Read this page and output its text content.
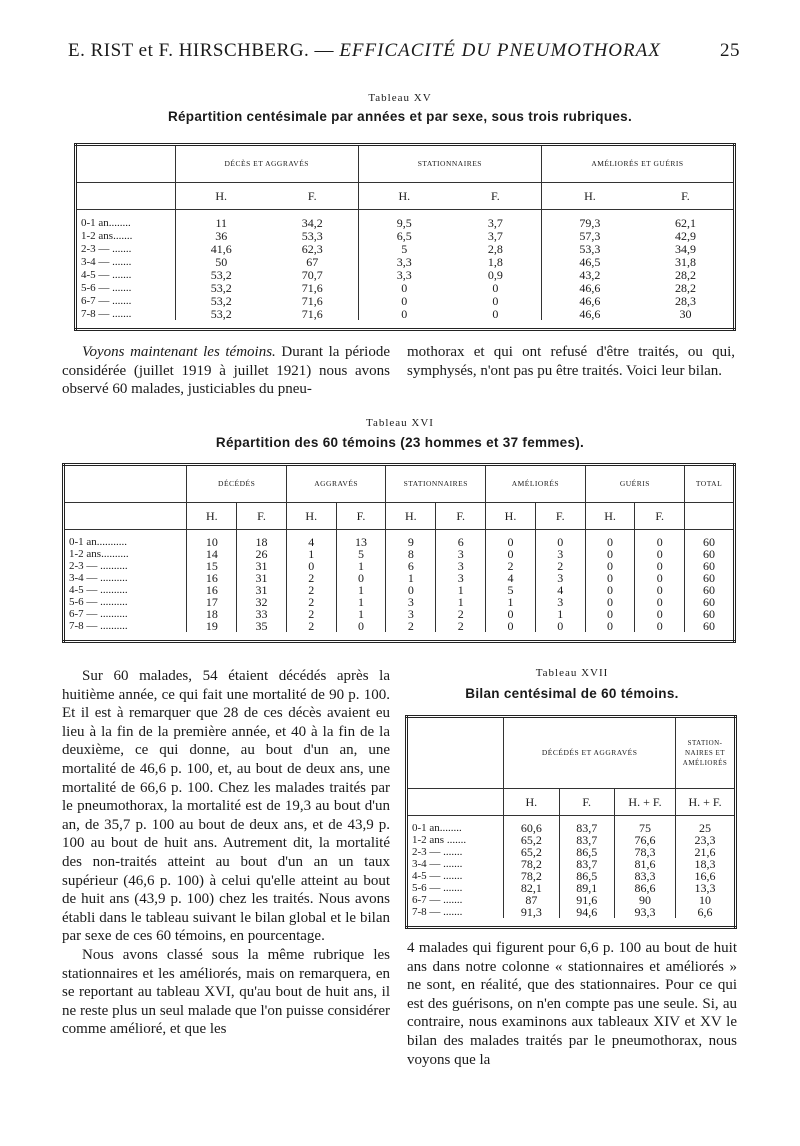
E. RIST et F. HIRSCHBERG. — EFFICACITÉ DU PNEUMOTHORAX	25
Tableau XV
Répartition centésimale par années et par sexe, sous trois rubriques.
	DÉCÈS ET AGGRAVÉS		STATIONNAIRES		AMÉLIORÉS ET GUÉRIS	
	H.	F.	H.	F.	H.	F.
0-1 an........	11	34,2	9,5	3,7	79,3	62,1
1-2 ans.......	36	53,3	6,5	3,7	57,3	42,9
2-3 — .......	41,6	62,3	5	2,8	53,3	34,9
3-4 — .......	50	67	3,3	1,8	46,5	31,8
4-5 — .......	53,2	70,7	3,3	0,9	43,2	28,2
5-6 — .......	53,2	71,6	0	0	46,6	28,2
6-7 — .......	53,2	71,6	0	0	46,6	28,3
7-8 — .......	53,2	71,6	0	0	46,6	30

Voyons maintenant les témoins. Durant la période considérée (juillet 1919 à juillet 1921) nous avons observé 60 malades, justiciables du pneu-

mothorax et qui ont refusé d'être traités, ou qui, symphysés, n'ont pas pu être traités. Voici leur bilan.

Tableau XVI
Répartition des 60 témoins (23 hommes et 37 femmes).
	DÉCÉDÉS		AGGRAVÉS		STATIONNAIRES		AMÉLIORÉS		GUÉRIS		TOTAL
	H.	F.	H.	F.	H.	F.	H.	F.	H.	F.	
0-1 an...........	10	18	4	13	9	6	0	0	0	0	60
1-2 ans..........	14	26	1	5	8	3	0	3	0	0	60
2-3 — ..........	15	31	0	1	6	3	2	2	0	0	60
3-4 — ..........	16	31	2	0	1	3	4	3	0	0	60
4-5 — ..........	16	31	2	1	0	1	5	4	0	0	60
5-6 — ..........	17	32	2	1	3	1	1	3	0	0	60
6-7 — ..........	18	33	2	1	3	2	0	1	0	0	60
7-8 — ..........	19	35	2	0	2	2	0	0	0	0	60

Sur 60 malades, 54 étaient décédés après la huitième année, ce qui fait une mortalité de 90 p. 100. Et il est à remarquer que 28 de ces décès avaient eu lieu à la fin de la première année, et 40 à la fin de la deuxième, ce qui donne, au bout d'un an, une mortalité de 46,6 p. 100, et, au bout de deux ans, une mortalité de 66,6 p. 100. Chez les malades traités par le pneumothorax, la mortalité est de 19,3 au bout d'un an, de 35,7 p. 100 au bout de deux ans, et de 43,9 p. 100 au bout de huit ans. Autrement dit, la mortalité des non-traités atteint au bout d'un an un taux supérieur (46,6 p. 100) à celui qu'elle atteint au bout de huit ans (43,9 p. 100) chez les traités. Nous avons établi dans le tableau suivant le bilan global et le bilan par sexe de ces 60 témoins, en pourcentage.

Nous avons classé sous la même rubrique les stationnaires et les améliorés, mais on remarquera, en se reportant au tableau XVI, qu'au bout de huit ans, il ne reste plus un seul malade que l'on puisse considérer comme amélioré, et que les

Tableau XVII
Bilan centésimal de 60 témoins.
	DÉCÉDÉS ET AGGRAVÉS			STATION-NAIRES ET AMÉLIORÉS
	H.	F.	H. + F.	H. + F.
0-1 an........	60,6	83,7	75	25
1-2 ans .......	65,2	83,7	76,6	23,3
2-3 — .......	65,2	86,5	78,3	21,6
3-4 — .......	78,2	83,7	81,6	18,3
4-5 — .......	78,2	86,5	83,3	16,6
5-6 — .......	82,1	89,1	86,6	13,3
6-7 — .......	87	91,6	90	10
7-8 — .......	91,3	94,6	93,3	6,6

4 malades qui figurent pour 6,6 p. 100 au bout de huit ans dans notre colonne « stationnaires et améliorés » ne sont, en réalité, que des stationnaires. Pour ce qui est des guérisons, on n'en compte pas une seule. Si, au contraire, nous examinons aux tableaux XIV et XV le bilan des malades traités par le pneumothorax, nous voyons que la
